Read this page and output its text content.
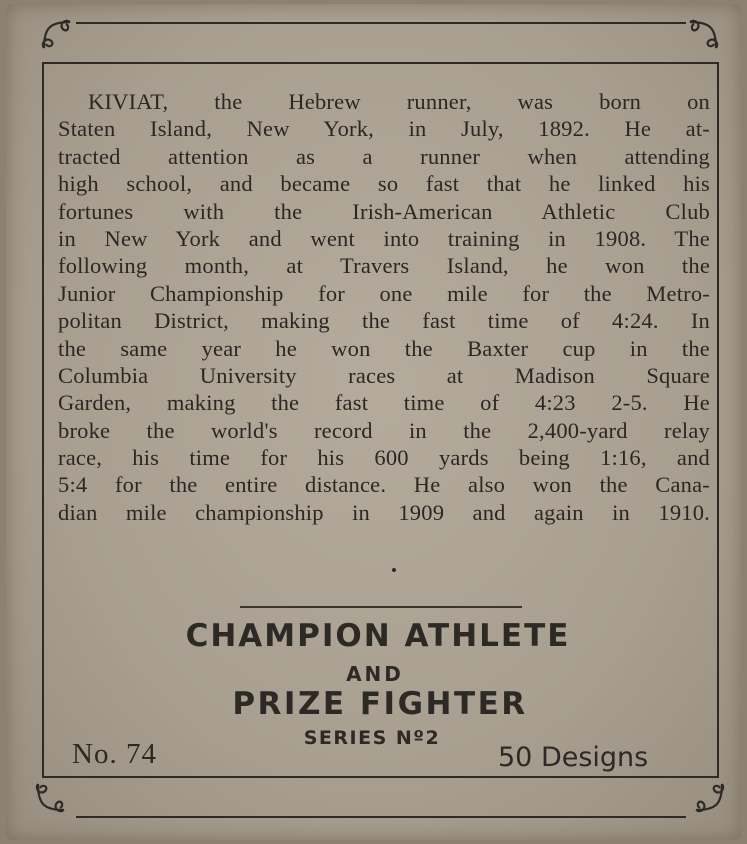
KIVIAT, the Hebrew runner, was born on
Staten Island, New York, in July, 1892. He at-
tracted attention as a runner when attending
high school, and became so fast that he linked his
fortunes with the Irish-American Athletic Club
in New York and went into training in 1908. The
following month, at Travers Island, he won the
Junior Championship for one mile for the Metro-
politan District, making the fast time of 4:24. In
the same year he won the Baxter cup in the
Columbia University races at Madison Square
Garden, making the fast time of 4:23 2-5. He
broke the world's record in the 2,400-yard relay
race, his time for his 600 yards being 1:16, and
5:4 for the entire distance. He also won the Cana-
dian mile championship in 1909 and again in 1910.
CHAMPION ATHLETE
AND
PRIZE FIGHTER
SERIES Nº2
No. 74	50 Designs
